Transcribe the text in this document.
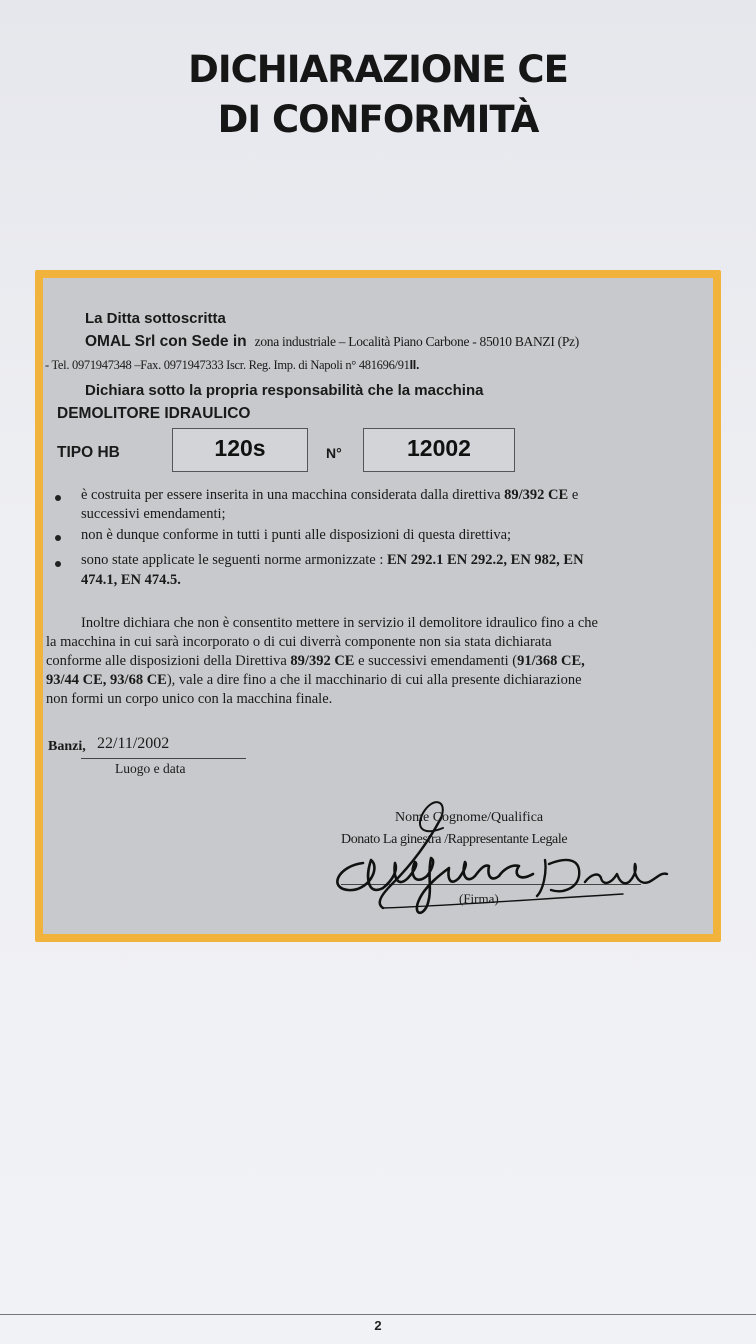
DICHIARAZIONE CE
DI CONFORMITÀ
La Ditta sottoscritta
OMAL Srl con Sede in zona industriale – Località Piano Carbone - 85010 BANZI (Pz)
- Tel. 0971947348 –Fax. 0971947333 Iscr. Reg. Imp. di Napoli n° 481696/91II.
Dichiara sotto la propria responsabilità che la macchina
DEMOLITORE IDRAULICO
TIPO HB	120s	N°	12002
è costruita per essere inserita in una macchina considerata dalla direttiva 89/392 CE e
successivi emendamenti;
non è dunque conforme in tutti i punti alle disposizioni di questa direttiva;
sono state applicate le seguenti norme armonizzate : EN 292.1 EN 292.2, EN 982, EN
474.1, EN 474.5.
Inoltre dichiara che non è consentito mettere in servizio il demolitore idraulico fino a che
la macchina in cui sarà incorporato o di cui diverrà componente non sia stata dichiarata
conforme alle disposizioni della Direttiva 89/392 CE e successivi emendamenti (91/368 CE,
93/44 CE, 93/68 CE), vale a dire fino a che il macchinario di cui alla presente dichiarazione
non formi un corpo unico con la macchina finale.
Banzi, 22/11/2002
Luogo e data
Nome Cognome/Qualifica
Donato La ginestra /Rappresentante Legale
(Firma)
2
